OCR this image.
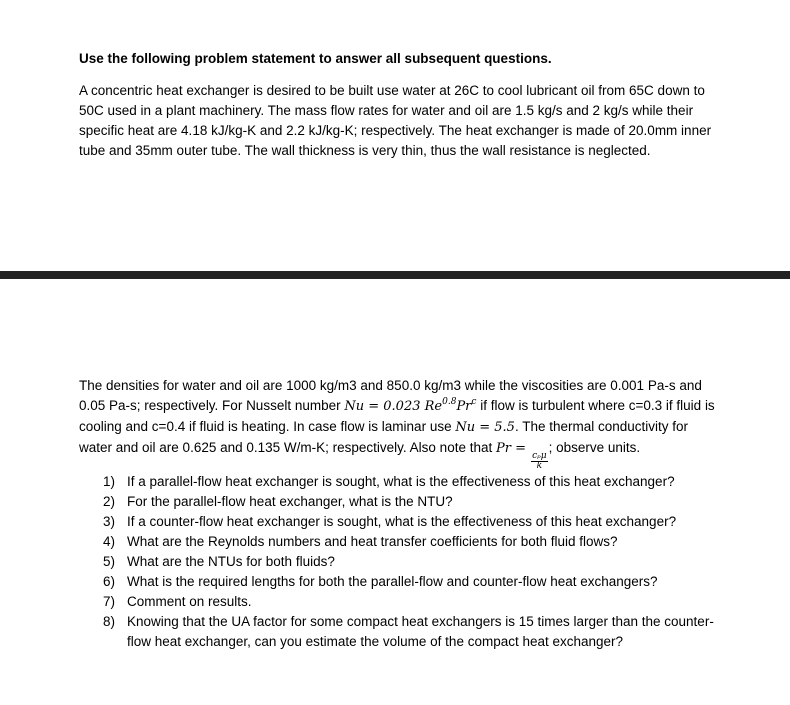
Use the following problem statement to answer all subsequent questions.

A concentric heat exchanger is desired to be built use water at 26C to cool lubricant oil from 65C down to 50C used in a plant machinery. The mass flow rates for water and oil are 1.5 kg/s and 2 kg/s while their specific heat are 4.18 kJ/kg-K and 2.2 kJ/kg-K; respectively. The heat exchanger is made of 20.0mm inner tube and 35mm outer tube. The wall thickness is very thin, thus the wall resistance is neglected.

The densities for water and oil are 1000 kg/m3 and 850.0 kg/m3 while the viscosities are 0.001 Pa-s and 0.05 Pa-s; respectively. For Nusselt number Nu = 0.023 $Re^{0.8}Pr^c$ if flow is turbulent where c=0.3 if fluid is cooling and c=0.4 if fluid is heating. In case flow is laminar use Nu = 5.5. The thermal conductivity for water and oil are 0.625 and 0.135 W/m-K; respectively. Also note that Pr =
$\frac{\text{cₚμ}}{k}$
; observe units.

1) If a parallel-flow heat exchanger is sought, what is the effectiveness of this heat exchanger?
2) For the parallel-flow heat exchanger, what is the NTU?
3) If a counter-flow heat exchanger is sought, what is the effectiveness of this heat exchanger?
4) What are the Reynolds numbers and heat transfer coefficients for both fluid flows?
5) What are the NTUs for both fluids?
6) What is the required lengths for both the parallel-flow and counter-flow heat exchangers?
7) Comment on results.
8) Knowing that the UA factor for some compact heat exchangers is 15 times larger than the counter-flow heat exchanger, can you estimate the volume of the compact heat exchanger?
